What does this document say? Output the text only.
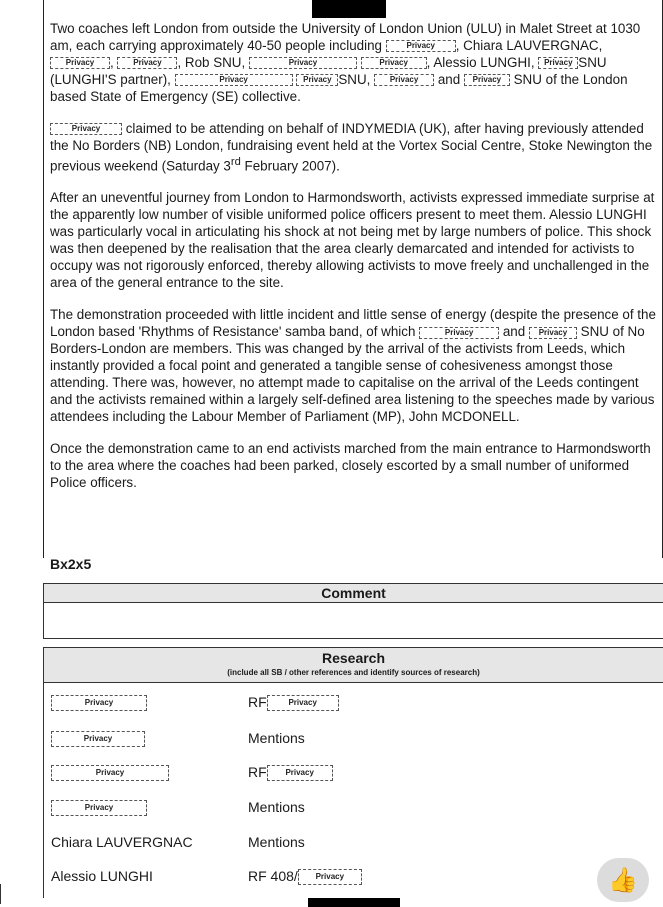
Two coaches left London from outside the University of London Union (ULU) in Malet Street at 1030 am, each carrying approximately 40-50 people including	Privacy , Chiara LAUVERGNAC, Privacy , Privacy , Rob SNU,	Privacy	Privacy , Alessio LUNGHI, Privacy SNU (LUNGHI'S partner),	Privacy	Privacy SNU, Privacy and Privacy SNU of the London based State of Emergency (SE) collective.

Privacy claimed to be attending on behalf of INDYMEDIA (UK), after having previously attended the No Borders (NB) London, fundraising event held at the Vortex Social Centre, Stoke Newington the previous weekend (Saturday 3rd February 2007).

After an uneventful journey from London to Harmondsworth, activists expressed immediate surprise at the apparently low number of visible uniformed police officers present to meet them. Alessio LUNGHI was particularly vocal in articulating his shock at not being met by large numbers of police. This shock was then deepened by the realisation that the area clearly demarcated and intended for activists to occupy was not rigorously enforced, thereby allowing activists to move freely and unchallenged in the area of the general entrance to the site.

The demonstration proceeded with little incident and little sense of energy (despite the presence of the London based 'Rhythms of Resistance' samba band, of which	Privacy and Privacy SNU of No Borders-London are members. This was changed by the arrival of the activists from Leeds, which instantly provided a focal point and generated a tangible sense of cohesiveness amongst those attending. There was, however, no attempt made to capitalise on the arrival of the Leeds contingent and the activists remained within a largely self-defined area listening to the speeches made by various attendees including the Labour Member of Parliament (MP), John MCDONELL.

Once the demonstration came to an end activists marched from the main entrance to Harmondsworth to the area where the coaches had been parked, closely escorted by a small number of uniformed Police officers.

Bx2x5
Comment
Research
(include all SB / other references and identify sources of research)
Privacy	RF	Privacy
Privacy	Mentions
Privacy	RF Privacy
Privacy	Mentions
Chiara LAUVERGNAC	Mentions
Alessio LUNGHI	RF 408/ Privacy	👍
